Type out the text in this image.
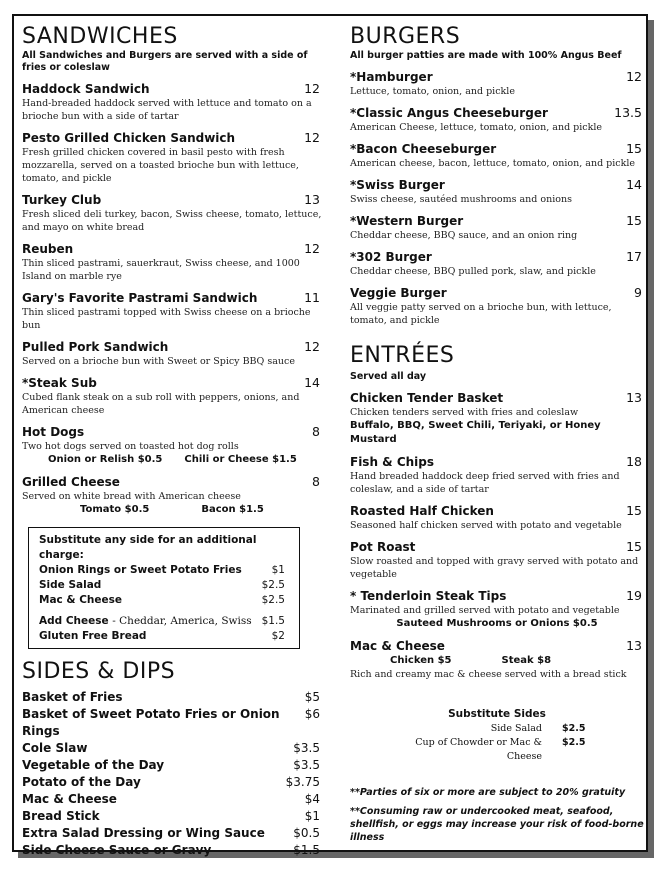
SANDWICHES
All Sandwiches and Burgers are served with a side of fries or coleslaw
Haddock Sandwich	12
Hand-breaded haddock served with lettuce and tomato on a brioche bun with a side of tartar
Pesto Grilled Chicken Sandwich	12
Fresh grilled chicken covered in basil pesto with fresh mozzarella, served on a toasted brioche bun with lettuce, tomato, and pickle
Turkey Club	13
Fresh sliced deli turkey, bacon, Swiss cheese, tomato, lettuce, and mayo on white bread
Reuben	12
Thin sliced pastrami, sauerkraut, Swiss cheese, and 1000 Island on marble rye
Gary's Favorite Pastrami Sandwich	11
Thin sliced pastrami topped with Swiss cheese on a brioche bun
Pulled Pork Sandwich	12
Served on a brioche bun with Sweet or Spicy BBQ sauce
*Steak Sub	14
Cubed flank steak on a sub roll with peppers, onions, and American cheese
Hot Dogs	8
Two hot dogs served on toasted hot dog rolls
Onion or Relish $0.5 Chili or Cheese $1.5
Grilled Cheese	8
Served on white bread with American cheese
Tomato $0.5	Bacon $1.5
Substitute any side for an additional charge:
Onion Rings or Sweet Potato Fries	$1
Side Salad	$2.5
Mac & Cheese	$2.5
Add Cheese - Cheddar, America, Swiss $1.5
Gluten Free Bread	$2
SIDES & DIPS
Basket of Fries	$5
Basket of Sweet Potato Fries or Onion Rings
$6
Cole Slaw	$3.5
Vegetable of the Day	$3.5
Potato of the Day	$3.75
Mac & Cheese	$4
Bread Stick	$1
Extra Salad Dressing or Wing Sauce $0.5
Side Cheese Sauce or Gravy	$1.5
BURGERS
All burger patties are made with 100% Angus Beef
*Hamburger	12
Lettuce, tomato, onion, and pickle
*Classic Angus Cheeseburger	13.5
American Cheese, lettuce, tomato, onion, and pickle
*Bacon Cheeseburger	15
American cheese, bacon, lettuce, tomato, onion, and pickle
*Swiss Burger	14
Swiss cheese, sautéed mushrooms and onions
*Western Burger	15
Cheddar cheese, BBQ sauce, and an onion ring
*302 Burger	17
Cheddar cheese, BBQ pulled pork, slaw, and pickle
Veggie Burger	9
All veggie patty served on a brioche bun, with lettuce, tomato, and pickle
ENTRÉES
Served all day
Chicken Tender Basket	13
Chicken tenders served with fries and coleslaw
Buffalo, BBQ, Sweet Chili, Teriyaki, or Honey Mustard
Fish & Chips	18
Hand breaded haddock deep fried served with fries and coleslaw, and a side of tartar
Roasted Half Chicken	15
Seasoned half chicken served with potato and vegetable
Pot Roast	15
Slow roasted and topped with gravy served with potato and vegetable
* Tenderloin Steak Tips	19
Marinated and grilled served with potato and vegetable
Sauteed Mushrooms or Onions $0.5
Mac & Cheese	13
Chicken $5	Steak $8
Rich and creamy mac & cheese served with a bread stick
Substitute Sides
Side Salad	$2.5
Cup of Chowder or Mac & Cheese
$2.5
**Parties of six or more are subject to 20% gratuity
**Consuming raw or undercooked meat, seafood, shellfish, or eggs may increase your risk of food-borne illness
